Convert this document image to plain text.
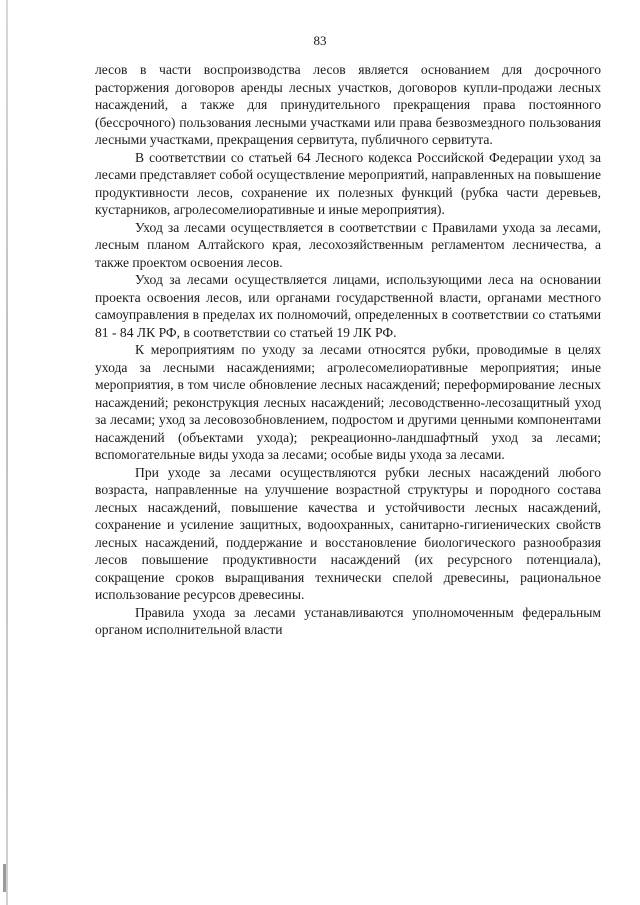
83

лесов в части воспроизводства лесов является основанием для досрочного расторжения договоров аренды лесных участков, договоров купли-продажи лесных насаждений, а также для принудительного прекращения права постоянного (бессрочного) пользования лесными участками или права безвозмездного пользования лесными участками, прекращения сервитута, публичного сервитута.

В соответствии со статьей 64 Лесного кодекса Российской Федерации уход за лесами представляет собой осуществление мероприятий, направленных на повышение продуктивности лесов, сохранение их полезных функций (рубка части деревьев, кустарников, агролесомелиоративные и иные мероприятия).

Уход за лесами осуществляется в соответствии с Правилами ухода за лесами, лесным планом Алтайского края, лесохозяйственным регламентом лесничества, а также проектом освоения лесов.

Уход за лесами осуществляется лицами, использующими леса на основании проекта освоения лесов, или органами государственной власти, органами местного самоуправления в пределах их полномочий, определенных в соответствии со статьями 81 - 84 ЛК РФ, в соответствии со статьей 19 ЛК РФ.

К мероприятиям по уходу за лесами относятся рубки, проводимые в целях ухода за лесными насаждениями; агролесомелиоративные мероприятия; иные мероприятия, в том числе обновление лесных насаждений; переформирование лесных насаждений; реконструкция лесных насаждений; лесоводственно-лесозащитный уход за лесами; уход за лесовозобновлением, подростом и другими ценными компонентами насаждений (объектами ухода); рекреационно-ландшафтный уход за лесами; вспомогательные виды ухода за лесами; особые виды ухода за лесами.

При уходе за лесами осуществляются рубки лесных насаждений любого возраста, направленные на улучшение возрастной структуры и породного состава лесных насаждений, повышение качества и устойчивости лесных насаждений, сохранение и усиление защитных, водоохранных, санитарно-гигиенических свойств лесных насаждений, поддержание и восстановление биологического разнообразия лесов повышение продуктивности насаждений (их ресурсного потенциала), сокращение сроков выращивания технически спелой древесины, рациональное использование ресурсов древесины.

Правила ухода за лесами устанавливаются уполномоченным федеральным органом исполнительной власти
